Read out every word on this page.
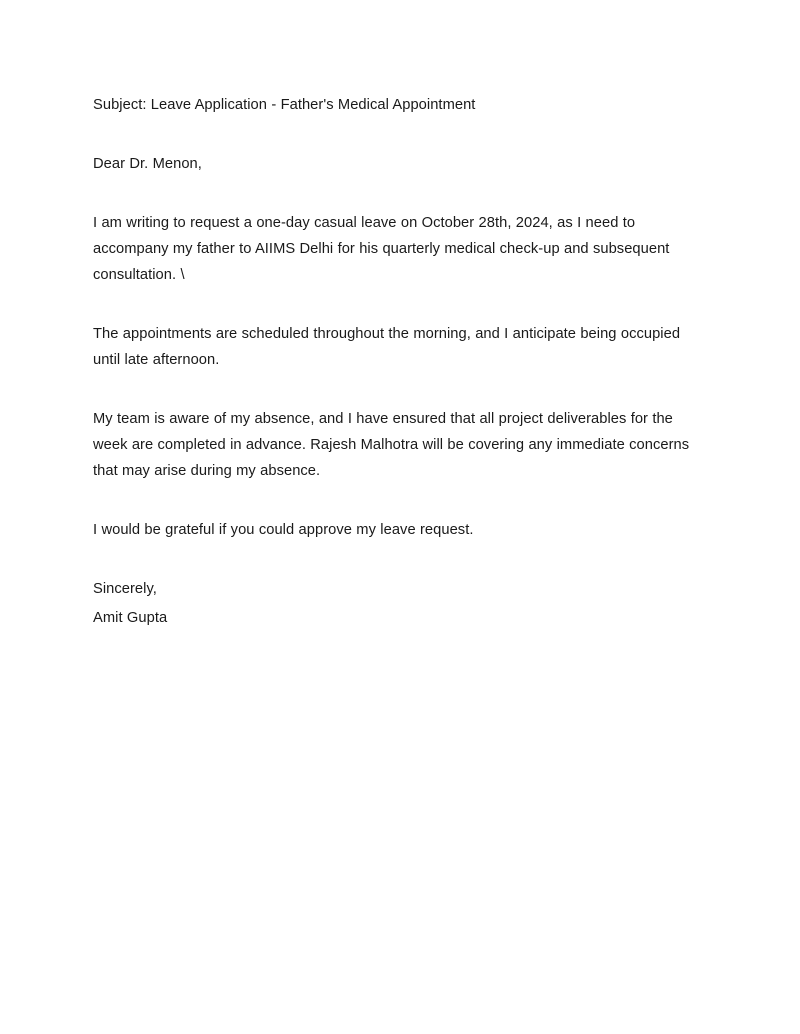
Subject: Leave Application - Father's Medical Appointment

Dear Dr. Menon,

I am writing to request a one-day casual leave on October 28th, 2024, as I need to accompany my father to AIIMS Delhi for his quarterly medical check-up and subsequent consultation. \

The appointments are scheduled throughout the morning, and I anticipate being occupied until late afternoon.

My team is aware of my absence, and I have ensured that all project deliverables for the week are completed in advance. Rajesh Malhotra will be covering any immediate concerns that may arise during my absence.

I would be grateful if you could approve my leave request.

Sincerely,

Amit Gupta
